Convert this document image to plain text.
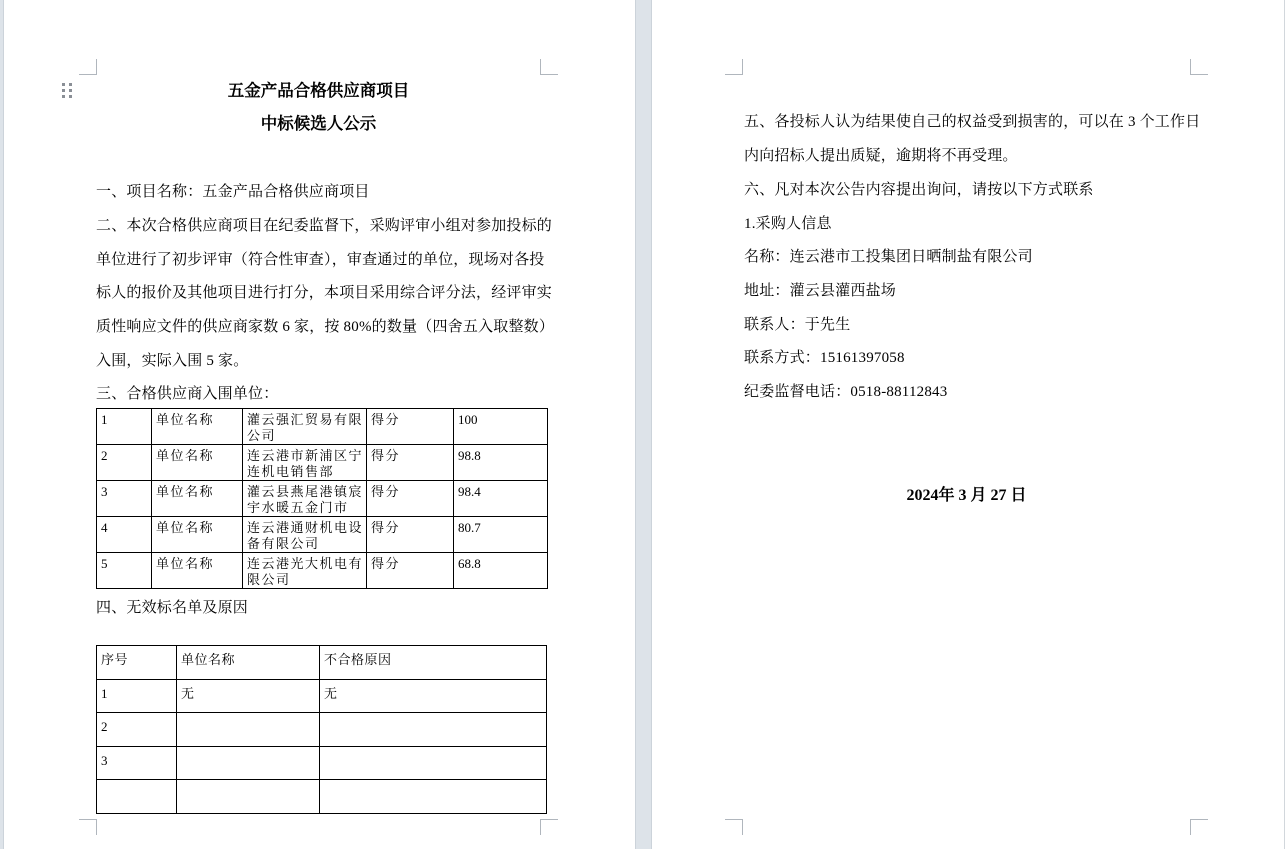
五金产品合格供应商项目
中标候选人公示
一、项目名称：五金产品合格供应商项目
二、本次合格供应商项目在纪委监督下，采购评审小组对参加投标的
单位进行了初步评审（符合性审查），审查通过的单位，现场对各投
标人的报价及其他项目进行打分，本项目采用综合评分法，经评审实
质性响应文件的供应商家数 6 家，按 80%的数量（四舍五入取整数）
入围，实际入围 5 家。
三、合格供应商入围单位：
1	单位名称	灌云强汇贸易有限公司	得分	100
2	单位名称	连云港市新浦区宁连机电销售部	得分	98.8
3	单位名称	灌云县燕尾港镇宸宇水暖五金门市	得分	98.4
4	单位名称	连云港通财机电设备有限公司	得分	80.7
5	单位名称	连云港光大机电有限公司	得分	68.8
四、无效标名单及原因
序号	单位名称	不合格原因
1	无	无
2		
3		

五、各投标人认为结果使自己的权益受到损害的，可以在 3 个工作日
内向招标人提出质疑，逾期将不再受理。
六、凡对本次公告内容提出询问，请按以下方式联系
1.采购人信息
名称：连云港市工投集团日晒制盐有限公司
地址：灌云县灌西盐场
联系人：于先生
联系方式：15161397058
纪委监督电话：0518-88112843
2024年 3 月 27 日
